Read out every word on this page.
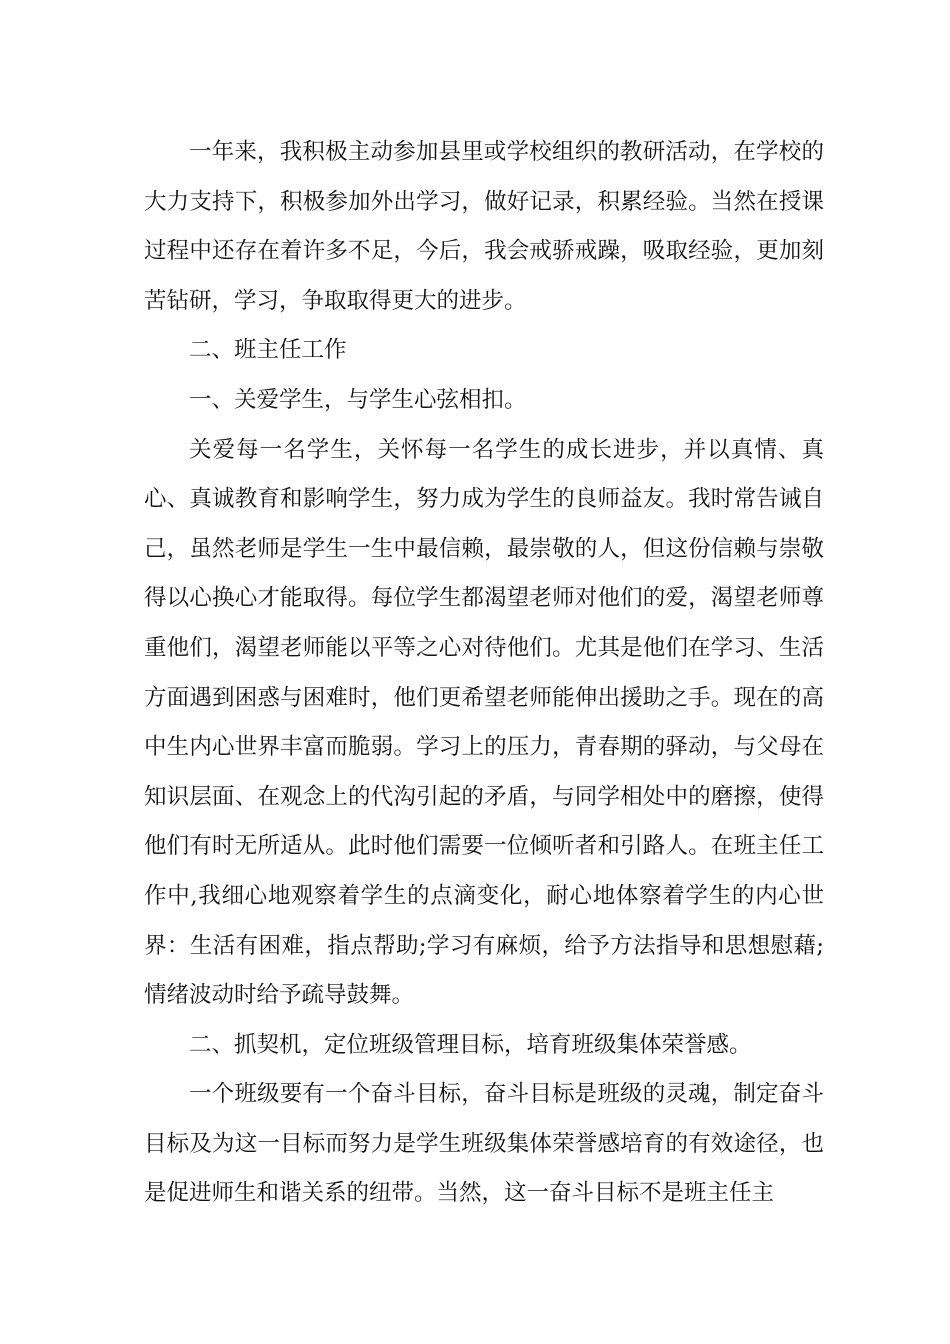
一年来，我积极主动参加县里或学校组织的教研活动，在学校的大力支持下，积极参加外出学习，做好记录，积累经验。当然在授课过程中还存在着许多不足，今后，我会戒骄戒躁，吸取经验，更加刻苦钻研，学习，争取取得更大的进步。

二、班主任工作

一、关爱学生，与学生心弦相扣。

关爱每一名学生，关怀每一名学生的成长进步，并以真情、真心、真诚教育和影响学生，努力成为学生的良师益友。我时常告诫自己，虽然老师是学生一生中最信赖，最崇敬的人，但这份信赖与崇敬得以心换心才能取得。每位学生都渴望老师对他们的爱，渴望老师尊重他们，渴望老师能以平等之心对待他们。尤其是他们在学习、生活方面遇到困惑与困难时，他们更希望老师能伸出援助之手。现在的高中生内心世界丰富而脆弱。学习上的压力，青春期的驿动，与父母在知识层面、在观念上的代沟引起的矛盾，与同学相处中的磨擦，使得他们有时无所适从。此时他们需要一位倾听者和引路人。在班主任工作中,我细心地观察着学生的点滴变化，耐心地体察着学生的内心世界：生活有困难，指点帮助;学习有麻烦，给予方法指导和思想慰藉;情绪波动时给予疏导鼓舞。

二、抓契机，定位班级管理目标，培育班级集体荣誉感。

一个班级要有一个奋斗目标，奋斗目标是班级的灵魂，制定奋斗目标及为这一目标而努力是学生班级集体荣誉感培育的有效途径，也是促进师生和谐关系的纽带。当然，这一奋斗目标不是班主任主
